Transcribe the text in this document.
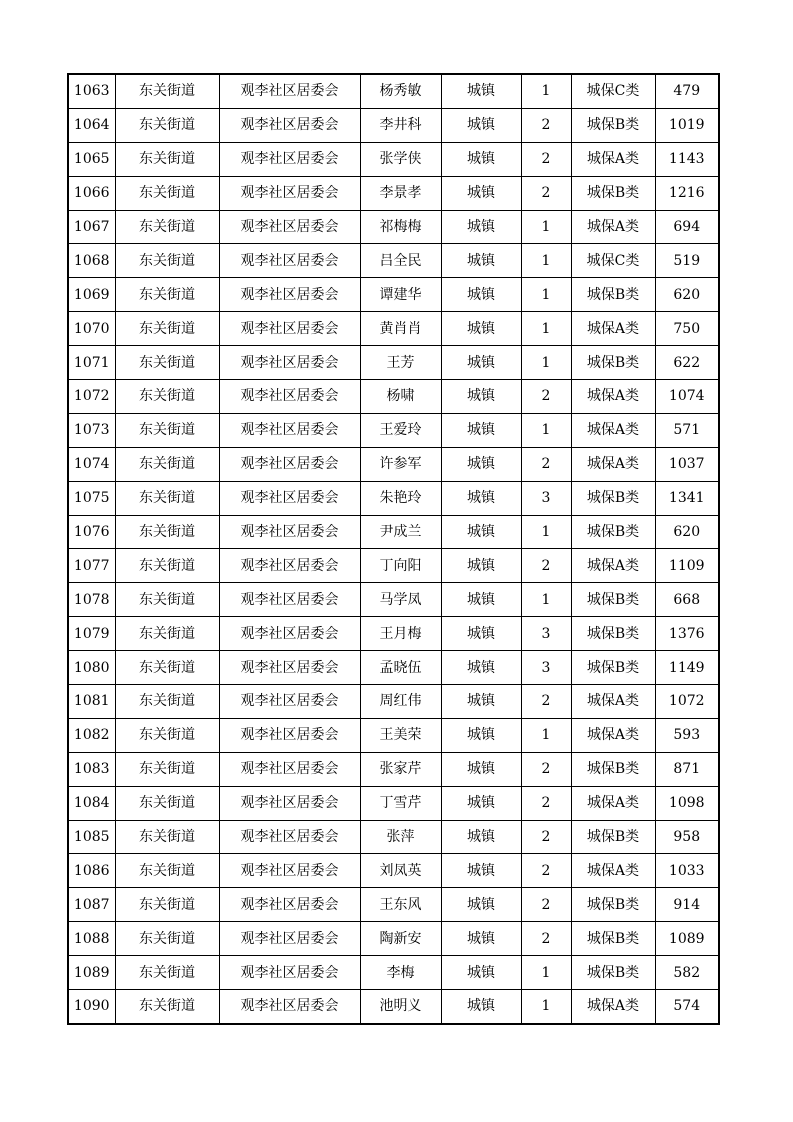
1063	东关街道	观李社区居委会	杨秀敏	城镇	1	城保C类	479
1064	东关街道	观李社区居委会	李井科	城镇	2	城保B类	1019
1065	东关街道	观李社区居委会	张学侠	城镇	2	城保A类	1143
1066	东关街道	观李社区居委会	李景孝	城镇	2	城保B类	1216
1067	东关街道	观李社区居委会	祁梅梅	城镇	1	城保A类	694
1068	东关街道	观李社区居委会	吕全民	城镇	1	城保C类	519
1069	东关街道	观李社区居委会	谭建华	城镇	1	城保B类	620
1070	东关街道	观李社区居委会	黄肖肖	城镇	1	城保A类	750
1071	东关街道	观李社区居委会	王芳	城镇	1	城保B类	622
1072	东关街道	观李社区居委会	杨啸	城镇	2	城保A类	1074
1073	东关街道	观李社区居委会	王爱玲	城镇	1	城保A类	571
1074	东关街道	观李社区居委会	许参军	城镇	2	城保A类	1037
1075	东关街道	观李社区居委会	朱艳玲	城镇	3	城保B类	1341
1076	东关街道	观李社区居委会	尹成兰	城镇	1	城保B类	620
1077	东关街道	观李社区居委会	丁向阳	城镇	2	城保A类	1109
1078	东关街道	观李社区居委会	马学凤	城镇	1	城保B类	668
1079	东关街道	观李社区居委会	王月梅	城镇	3	城保B类	1376
1080	东关街道	观李社区居委会	孟晓伍	城镇	3	城保B类	1149
1081	东关街道	观李社区居委会	周红伟	城镇	2	城保A类	1072
1082	东关街道	观李社区居委会	王美荣	城镇	1	城保A类	593
1083	东关街道	观李社区居委会	张家芹	城镇	2	城保B类	871
1084	东关街道	观李社区居委会	丁雪芹	城镇	2	城保A类	1098
1085	东关街道	观李社区居委会	张萍	城镇	2	城保B类	958
1086	东关街道	观李社区居委会	刘凤英	城镇	2	城保A类	1033
1087	东关街道	观李社区居委会	王东风	城镇	2	城保B类	914
1088	东关街道	观李社区居委会	陶新安	城镇	2	城保B类	1089
1089	东关街道	观李社区居委会	李梅	城镇	1	城保B类	582
1090	东关街道	观李社区居委会	池明义	城镇	1	城保A类	574
